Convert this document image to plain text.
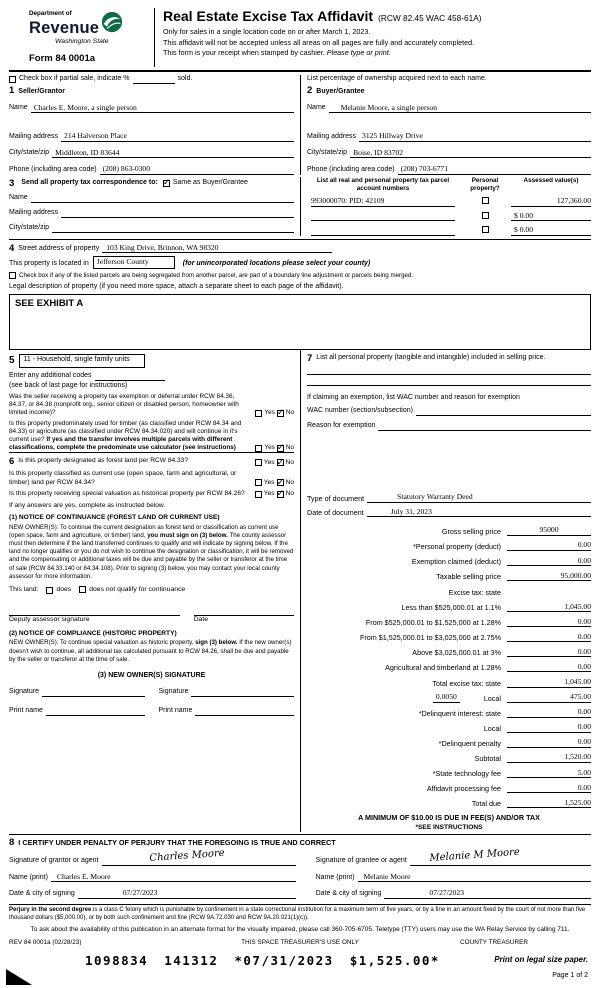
Department of
Revenue
Washington State
Form 84 0001a
Real Estate Excise Tax Affidavit (RCW 82.45 WAC 458-61A)
Only for sales in a single location code on or after March 1, 2023.
This affidavit will not be accepted unless all areas on all pages are fully and accurately completed.
This form is your receipt when stamped by cashier. Please type or print.
Check box if partial sale, indicate %	sold.	List percentage of ownership acquired next to each name.
1 Seller/Grantor
Name Charles E. Moore, a single person
Mailing address 214 Halverson Place
City/state/zip Middleton, ID 83644
Phone (including area code) (208) 863-0300
2 Buyer/Grantee
Name Melanie Moore, a single person
Mailing address 3125 Hillway Drive
City/state/zip Boise, ID 83702
Phone (including area code) (208) 703-6771
3 Send all property tax correspondence to: ✓ Same as Buyer/Grantee
Name
Mailing address
City/state/zip
List all real and personal property tax parcel account numbers
Personal property?
Assessed value(s)
993000070: PID: 42109	127,360.00
$ 0.00
$ 0.00
4 Street address of property 103 King Drive, Brinnon, WA 98320
This property is located in Jefferson County	(for unincorporated locations please select your county)
Check box if any of the listed parcels are being segregated from another parcel, are part of a boundary line adjustment or parcels being merged.
Legal description of property (if you need more space, attach a separate sheet to each page of the affidavit).
SEE EXHIBIT A
5	11 - Household, single family units
Enter any additional codes
(see back of last page for instructions)
Was the seller receiving a property tax exemption or deferral under RCW 84.36, 84.37, or 84.38 (nonprofit org., senior citizen or disabled person, homeowner with limited income)?	Yes ✓ No
Is this property predominately used for timber (as classified under RCW 84.34 and 84.33) or agriculture (as classified under RCW 84.34.020) and will continue in it's current use? If yes and the transfer involves multiple parcels with different classifications, complete the predominate use calculator (see instructions)	Yes ✓ No
6 Is this property designated as forest land per RCW 84.33?	Yes ✓ No
Is this property classified as current use (open space, farm and agricultural, or timber) land per RCW 84.34?	Yes ✓ No
Is this property receiving special valuation as historical property per RCW 84.26?	Yes ✓ No
If any answers are yes, complete as instructed below.
(1) NOTICE OF CONTINUANCE (FOREST LAND OR CURRENT USE)
NEW OWNER(S): To continue the current designation as forest land or classification as current use (open space, farm and agriculture, or timber) land, you must sign on (3) below. The county assessor must then determine if the land transferred continues to qualify and will indicate by signing below. If the land no longer qualifies or you do not wish to continue the designation or classification, it will be removed and the compensating or additional taxes will be due and payable by the seller or transferor at the time of sale (RCW 84.33.140 or 84.34.108). Prior to signing (3) below, you may contact your local county assessor for more information.
This land:	does	does not qualify for continuance
Deputy assessor signature	Date
(2) NOTICE OF COMPLIANCE (HISTORIC PROPERTY)
NEW OWNER(S): To continue special valuation as historic property, sign (3) below. If the new owner(s) doesn't wish to continue, all additional tax calculated pursuant to RCW 84.26, shall be due and payable by the seller or transferor at the time of sale.
(3) NEW OWNER(S) SIGNATURE
Signature	Signature
Print name	Print name
7 List all personal property (tangible and intangible) included in selling price.
If claiming an exemption, list WAC number and reason for exemption
WAC number (section/subsection)
Reason for exemption
Type of document	Statutory Warranty Deed
Date of document	July 31, 2023
Gross selling price	95000
*Personal property (deduct)	0.00
Exemption claimed (deduct)	0.00
Taxable selling price	95,000.00
Excise tax: state
Less than $525,000.01 at 1.1%	1,045.00
From $525,000.01 to $1,525,000 at 1.28%	0.00
From $1,525,000.01 to $3,025,000 at 2.75%	0.00
Above $3,025,000.01 at 3%	0.00
Agricultural and timberland at 1.28%	0.00
Total excise tax: state	1,045.00
0.0050	Local	475.00
*Delinquent interest: state	0.00
Local	0.00
*Delinquent penalty	0.00
Subtotal	1,520.00
*State technology fee	5.00
Affidavit processing fee	0.00
Total due	1,525.00
A MINIMUM OF $10.00 IS DUE IN FEE(S) AND/OR TAX
*SEE INSTRUCTIONS
8 I CERTIFY UNDER PENALTY OF PERJURY THAT THE FOREGOING IS TRUE AND CORRECT
Signature of grantor or agent	Charles Moore
Name (print) Charles E. Moore
Date & city of signing	07/27/2023
Signature of grantee or agent Melanie M Moore
Name (print) Melanie Moore
Date & city of signing	07/27/2023
Perjury in the second degree is a class C felony which is punishable by confinement in a state correctional institution for a maximum term of five years, or by a fine in an amount fixed by the court of not more than five thousand dollars ($5,000.00), or by both such confinement and fine (RCW 9A.72.030 and RCW 9A.20.021(1)(c)).
To ask about the availability of this publication in an alternate format for the visually impaired, please call 360-705-6705. Teletype (TTY) users may use the WA Relay Service by calling 711.
REV 84 0001a (02/28/23)	THIS SPACE TREASURER'S USE ONLY	COUNTY TREASURER
1098834 141312 *07/31/2023 $1,525.00*	Print on legal size paper.
Page 1 of 2
